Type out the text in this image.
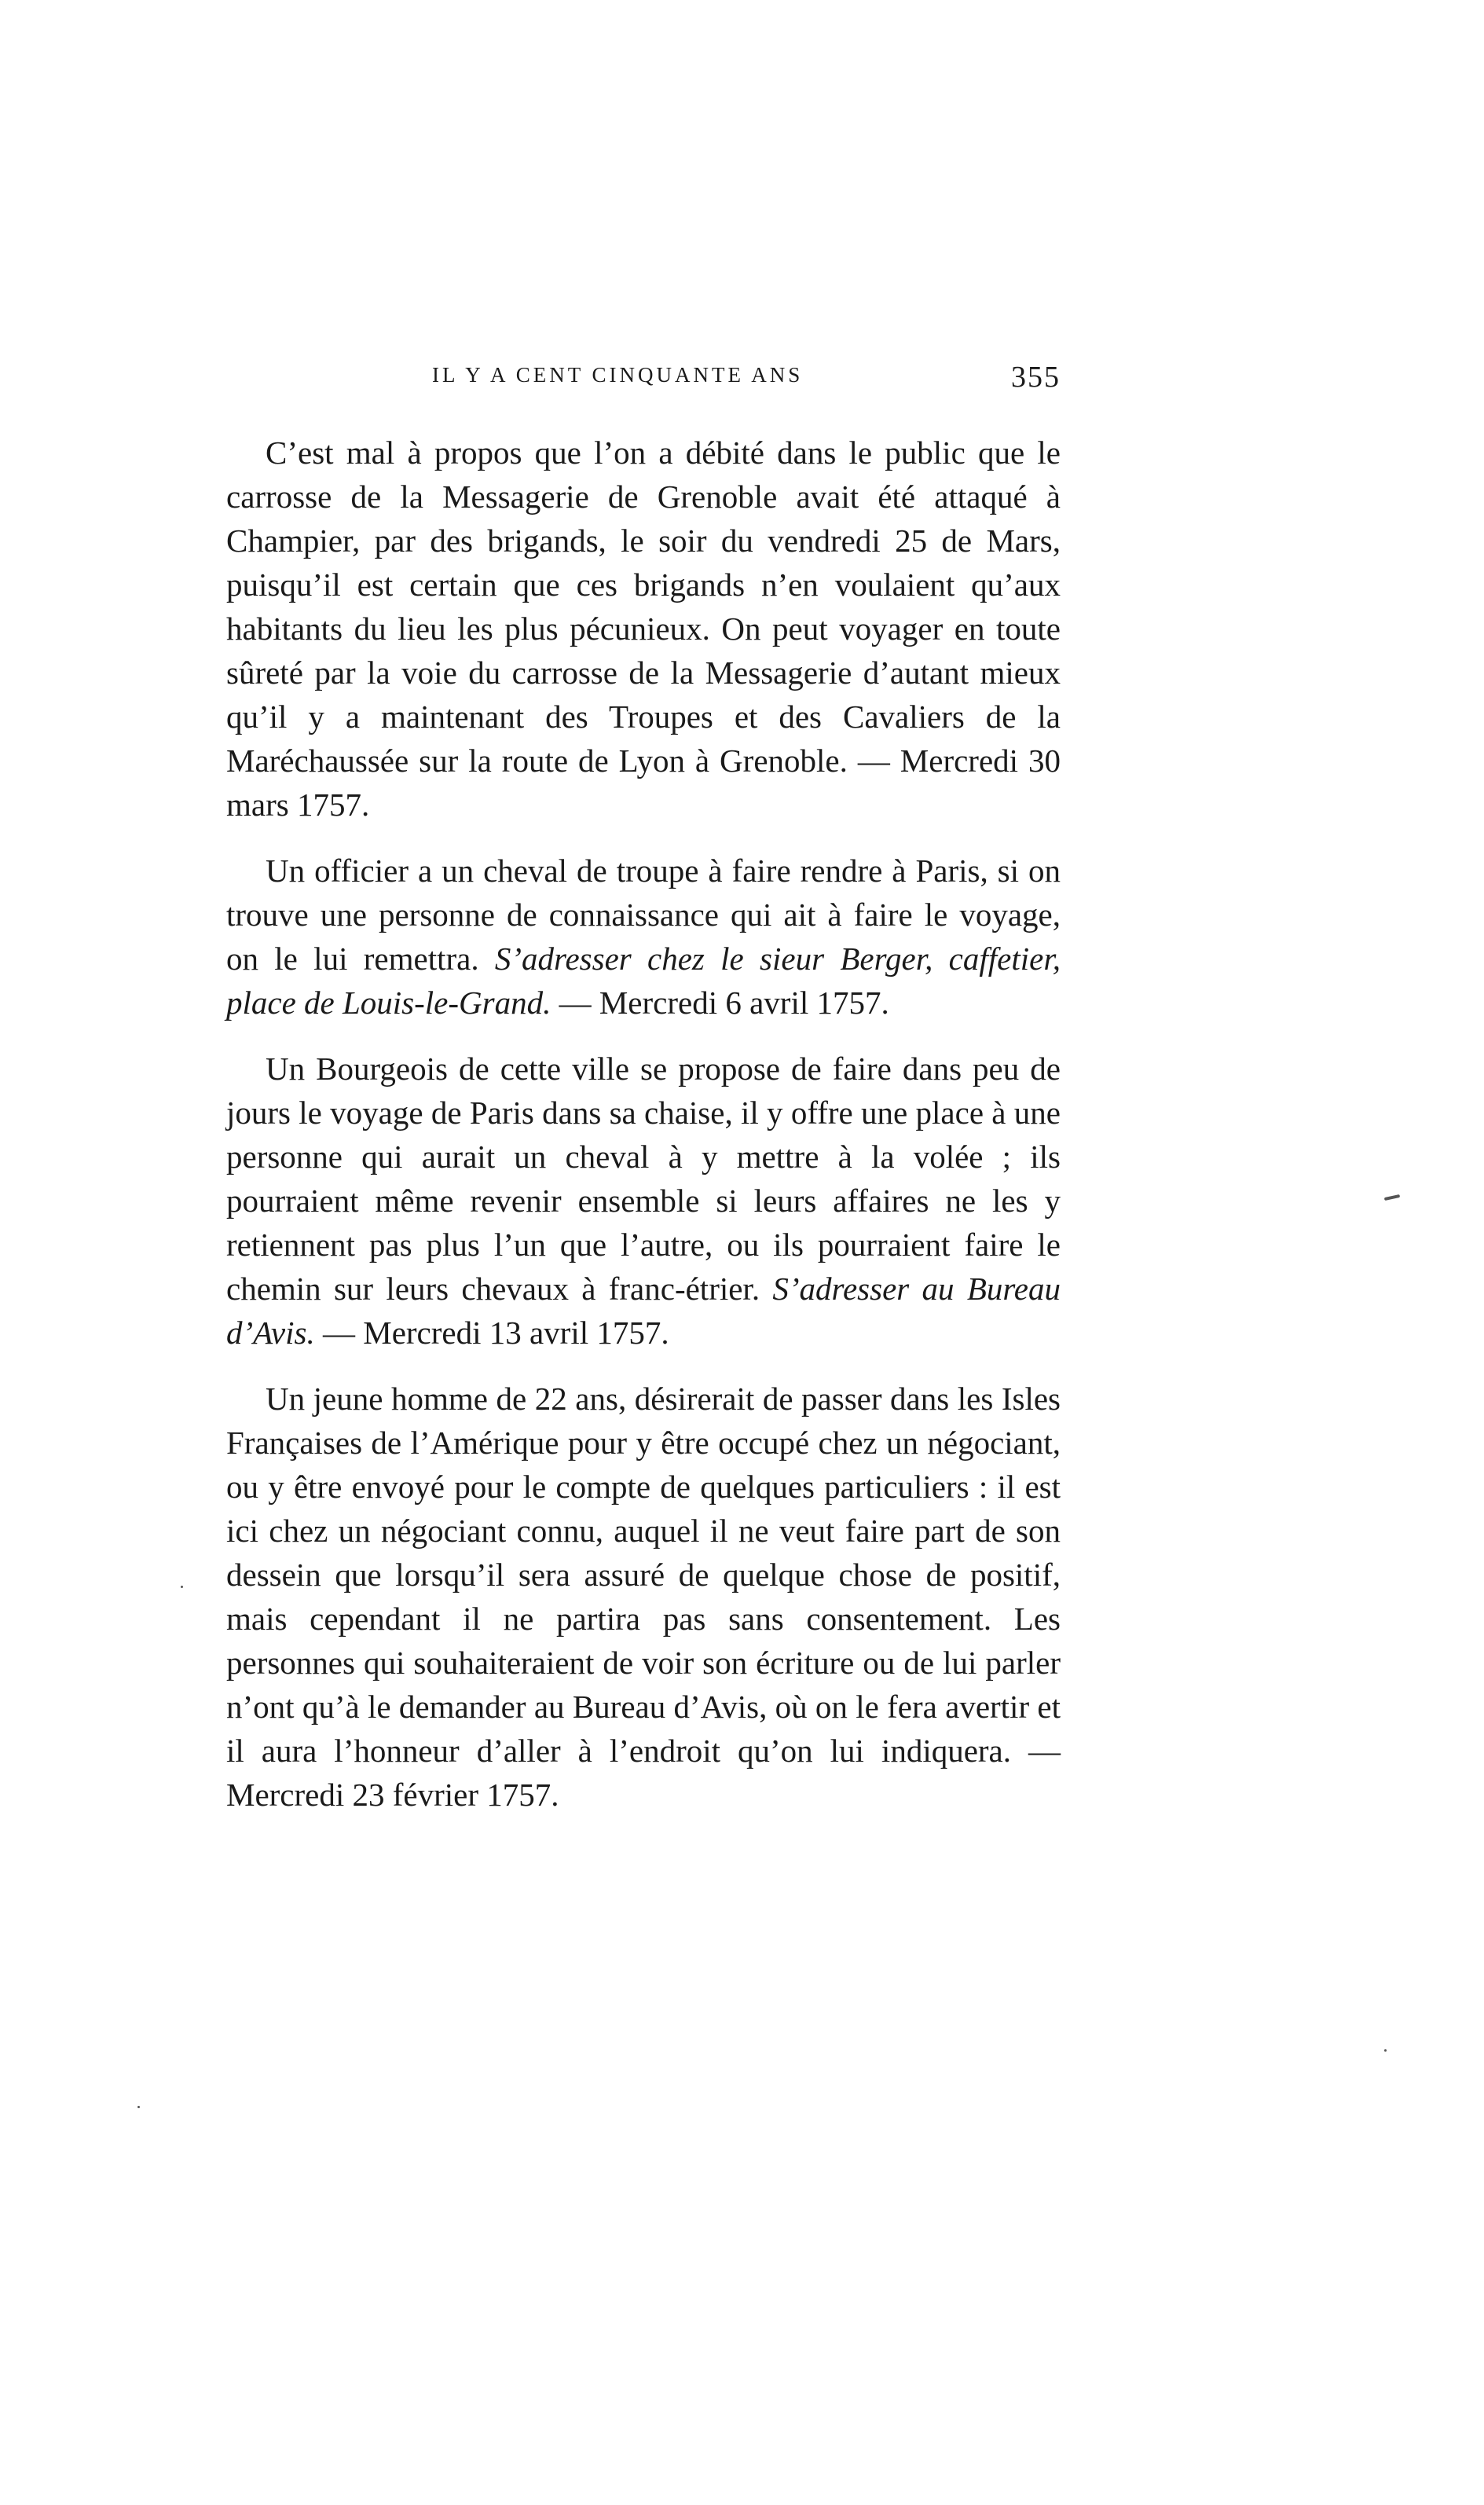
IL Y A CENT CINQUANTE ANS	355

C’est mal à propos que l’on a débité dans le public que le carrosse de la Messagerie de Grenoble avait été attaqué à Champier, par des brigands, le soir du vendredi 25 de Mars, puisqu’il est certain que ces brigands n’en voulaient qu’aux habitants du lieu les plus pécunieux. On peut voyager en toute sûreté par la voie du carrosse de la Messagerie d’autant mieux qu’il y a maintenant des Troupes et des Cavaliers de la Maréchaussée sur la route de Lyon à Grenoble. — Mercredi 30 mars 1757.

Un officier a un cheval de troupe à faire rendre à Paris, si on trouve une personne de connaissance qui ait à faire le voyage, on le lui remettra. S’adresser chez le sieur Berger, caffetier, place de Louis-le-Grand. — Mercredi 6 avril 1757.

Un Bourgeois de cette ville se propose de faire dans peu de jours le voyage de Paris dans sa chaise, il y offre une place à une personne qui aurait un cheval à y mettre à la volée ; ils pourraient même revenir ensemble si leurs affaires ne les y retiennent pas plus l’un que l’autre, ou ils pourraient faire le chemin sur leurs chevaux à franc-étrier. S’adresser au Bureau d’Avis. — Mercredi 13 avril 1757.

Un jeune homme de 22 ans, désirerait de passer dans les Isles Françaises de l’Amérique pour y être occupé chez un négociant, ou y être envoyé pour le compte de quelques particuliers : il est ici chez un négociant connu, auquel il ne veut faire part de son dessein que lorsqu’il sera assuré de quelque chose de positif, mais cependant il ne partira pas sans consentement. Les personnes qui souhaiteraient de voir son écriture ou de lui parler n’ont qu’à le demander au Bureau d’Avis, où on le fera avertir et il aura l’honneur d’aller à l’endroit qu’on lui indiquera. — Mercredi 23 février 1757.
